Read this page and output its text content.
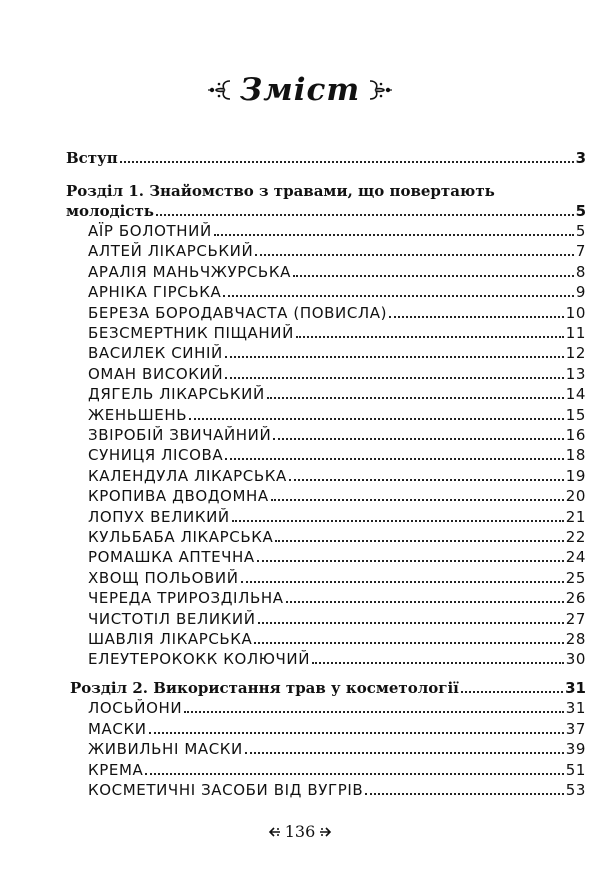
Зміст
Вступ	3
Розділ 1. Знайомство з травами, що повертають
молодість	5
АЇР БОЛОТНИЙ	5
АЛТЕЙ ЛІКАРСЬКИЙ	7
АРАЛІЯ МАНЬЧЖУРСЬКА	8
АРНІКА ГІРСЬКА	9
БЕРЕЗА БОРОДАВЧАСТА (ПОВИСЛА)	10
БЕЗСМЕРТНИК ПІЩАНИЙ	11
ВАСИЛЕК СИНІЙ	12
ОМАН ВИСОКИЙ	13
ДЯГЕЛЬ ЛІКАРСЬКИЙ	14
ЖЕНЬШЕНЬ	15
ЗВІРОБІЙ ЗВИЧАЙНИЙ	16
СУНИЦЯ ЛІСОВА	18
КАЛЕНДУЛА ЛІКАРСЬКА	19
КРОПИВА ДВОДОМНА	20
ЛОПУХ ВЕЛИКИЙ	21
КУЛЬБАБА ЛІКАРСЬКА	22
РОМАШКА АПТЕЧНА	24
ХВОЩ ПОЛЬОВИЙ	25
ЧЕРЕДА ТРИРОЗДІЛЬНА	26
ЧИСТОТІЛ ВЕЛИКИЙ	27
ШАВЛІЯ ЛІКАРСЬКА	28
ЕЛЕУТЕРОКОКК КОЛЮЧИЙ	30
Розділ 2. Використання трав у косметології	31
ЛОСЬЙОНИ	31
МАСКИ	37
ЖИВИЛЬНІ МАСКИ	39
КРЕМА	51
КОСМЕТИЧНІ ЗАСОБИ ВІД ВУГРІВ	53
136
